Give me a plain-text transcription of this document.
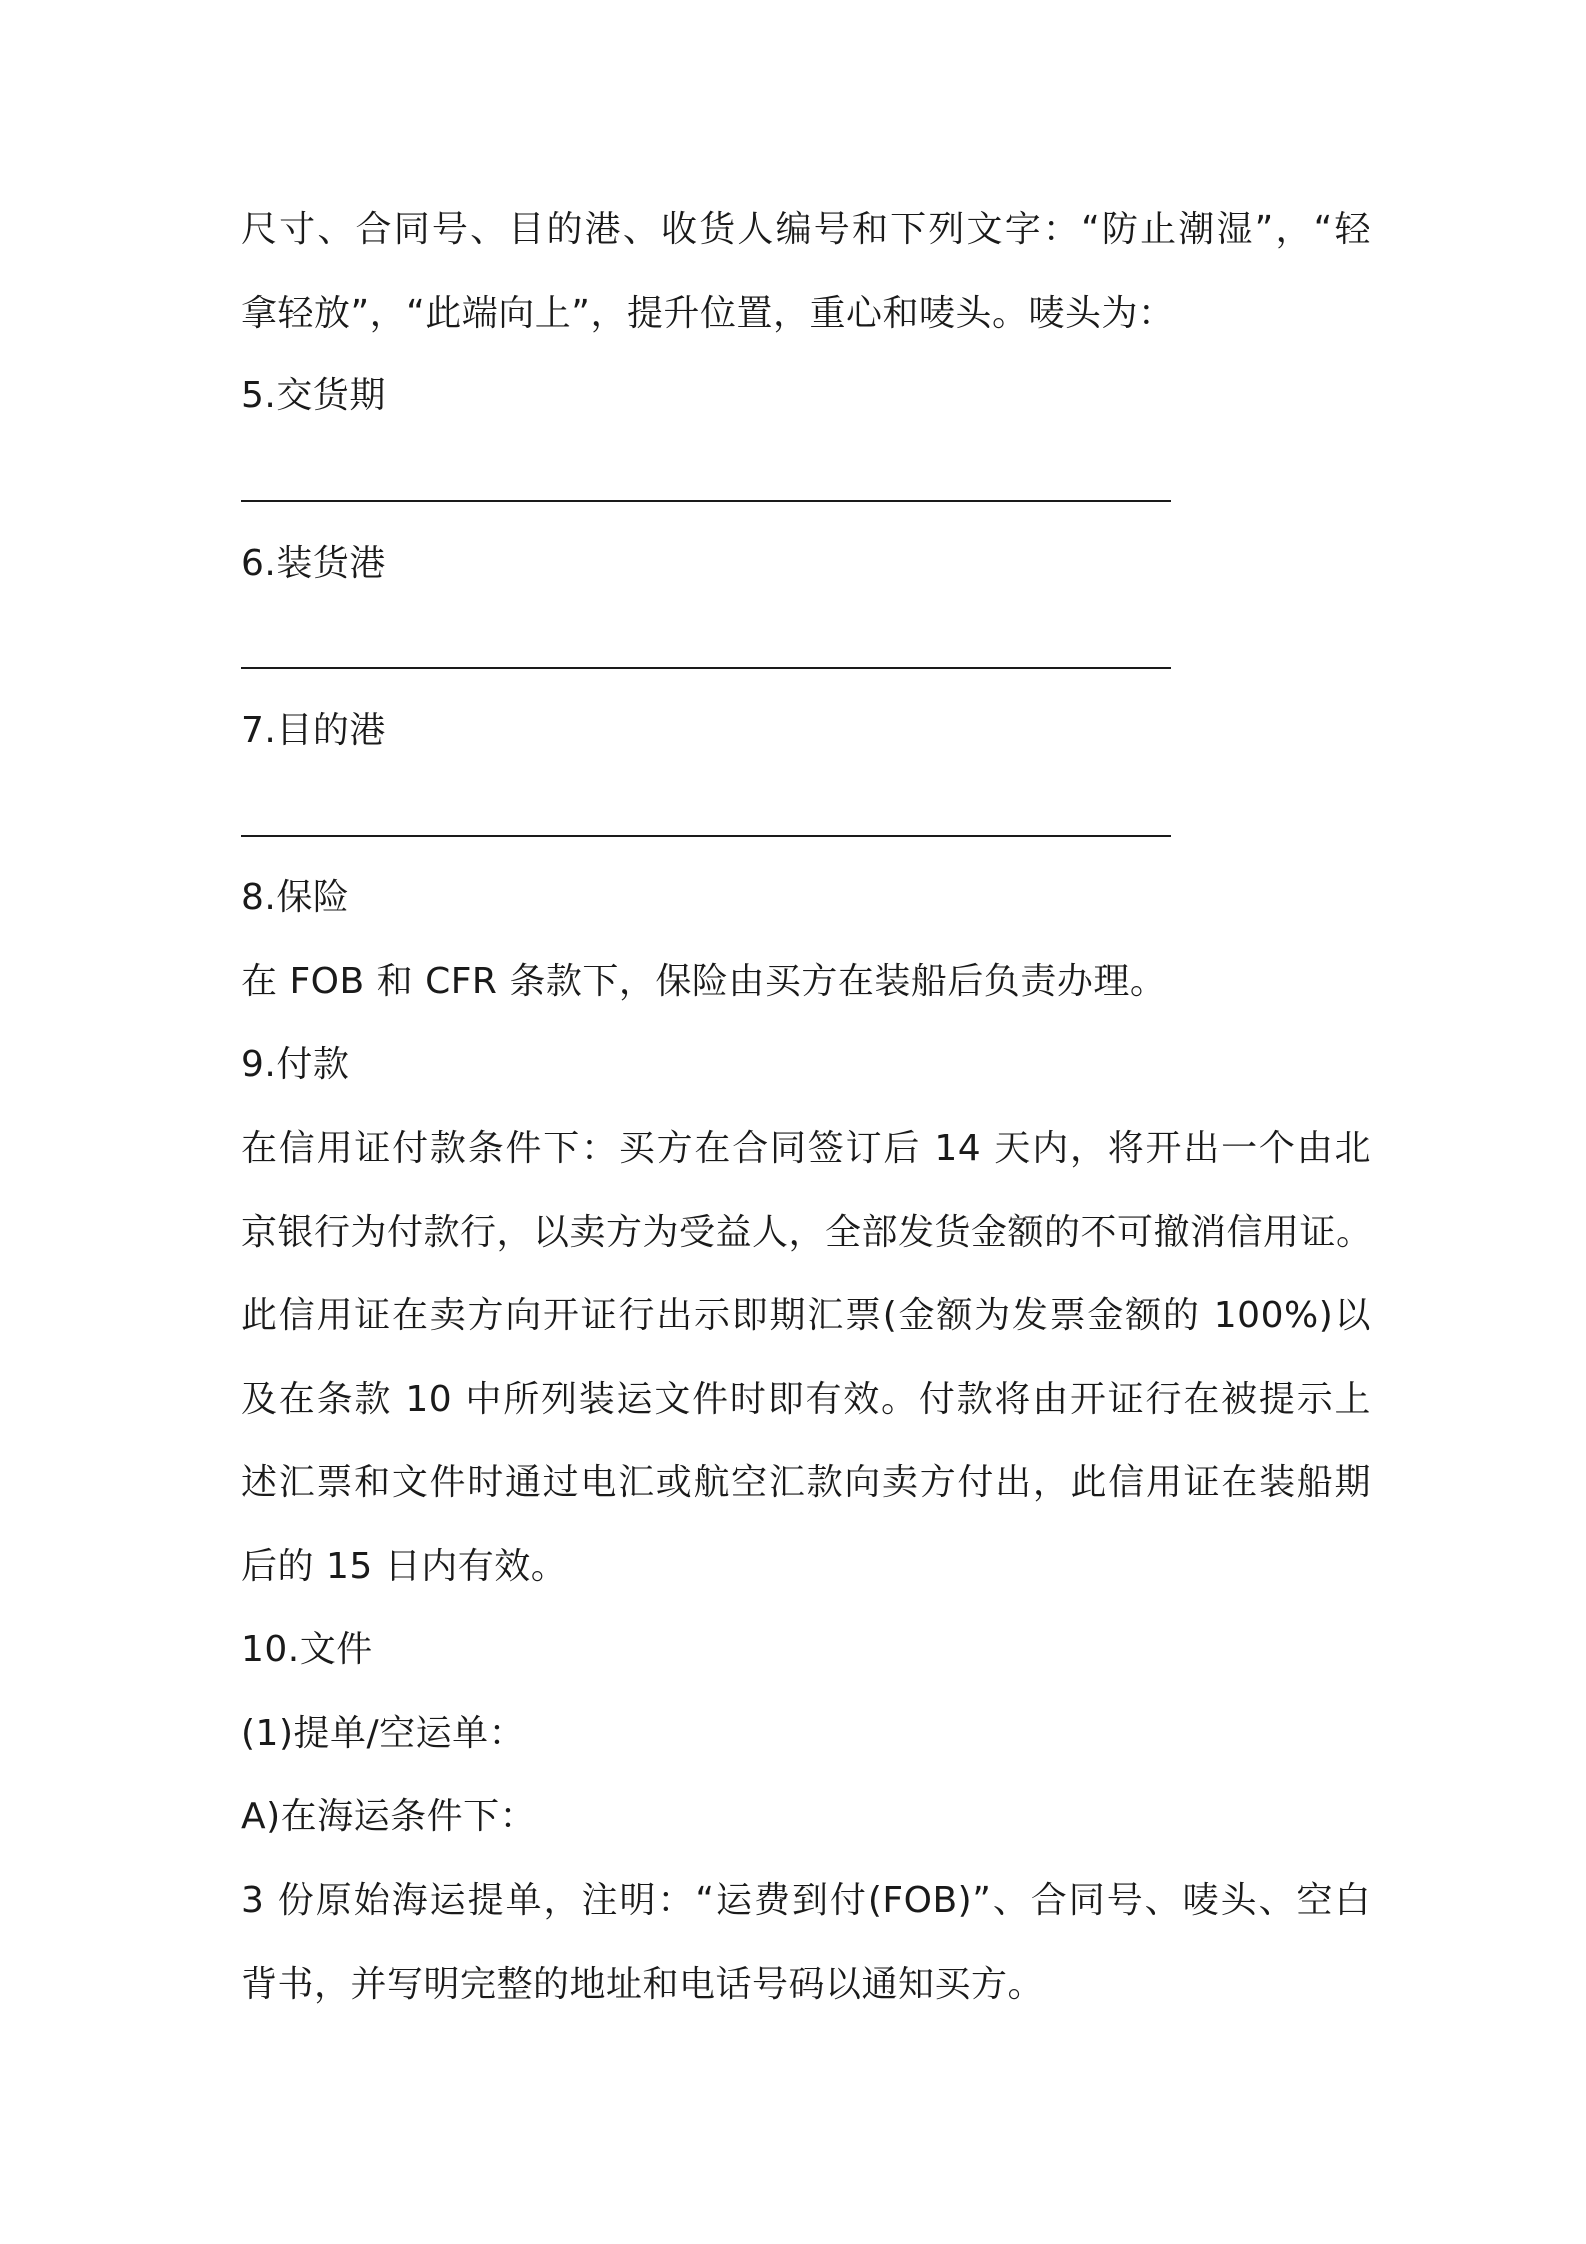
尺寸、合同号、目的港、收货人编号和下列文字：“防止潮湿”，“轻
拿轻放”，“此端向上”，提升位置，重心和唛头。唛头为：
5.交货期
6.装货港
7.目的港
8.保险
在 FOB 和 CFR 条款下，保险由买方在装船后负责办理。
9.付款
在信用证付款条件下：买方在合同签订后 14 天内，将开出一个由北
京银行为付款行，以卖方为受益人，全部发货金额的不可撤消信用证。
此信用证在卖方向开证行出示即期汇票(金额为发票金额的 100%)以
及在条款 10 中所列装运文件时即有效。付款将由开证行在被提示上
述汇票和文件时通过电汇或航空汇款向卖方付出，此信用证在装船期
后的 15 日内有效。
10.文件
(1)提单/空运单：
A)在海运条件下：
3 份原始海运提单，注明：“运费到付(FOB)”、合同号、唛头、空白
背书，并写明完整的地址和电话号码以通知买方。
